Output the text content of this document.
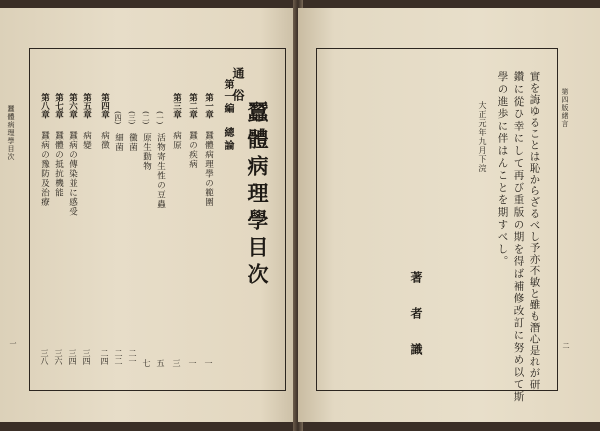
蠶體病理學目次
一
通
俗
蠶體病理學目次
第一編
總論
第一章
蠶體病理學の範圍
一
第二章
蠶の疾病
一
第三章
病原
三
(一)
活物寄生性の豆蟲
五
(二)
原生動物
七
(三)
黴菌
二一
(四)
細菌
二二
第四章
病徴
二四
第五章
病變
三四
第六章
蠶病の傳染並に感受
三四
第七章
蠶體の抵抗機能
三六
第八章
蠶病の豫防及治療
三八
第四版緒言
二
實を誨ゆることは恥からざるべし予亦不敏と雖も潛心是れが研
鑽に從ひ幸にして再び重版の期を得ば補修改訂に努め以て斯
學の進歩に伴はんことを期すべし。
大正元年九月下浣
著　者　識
